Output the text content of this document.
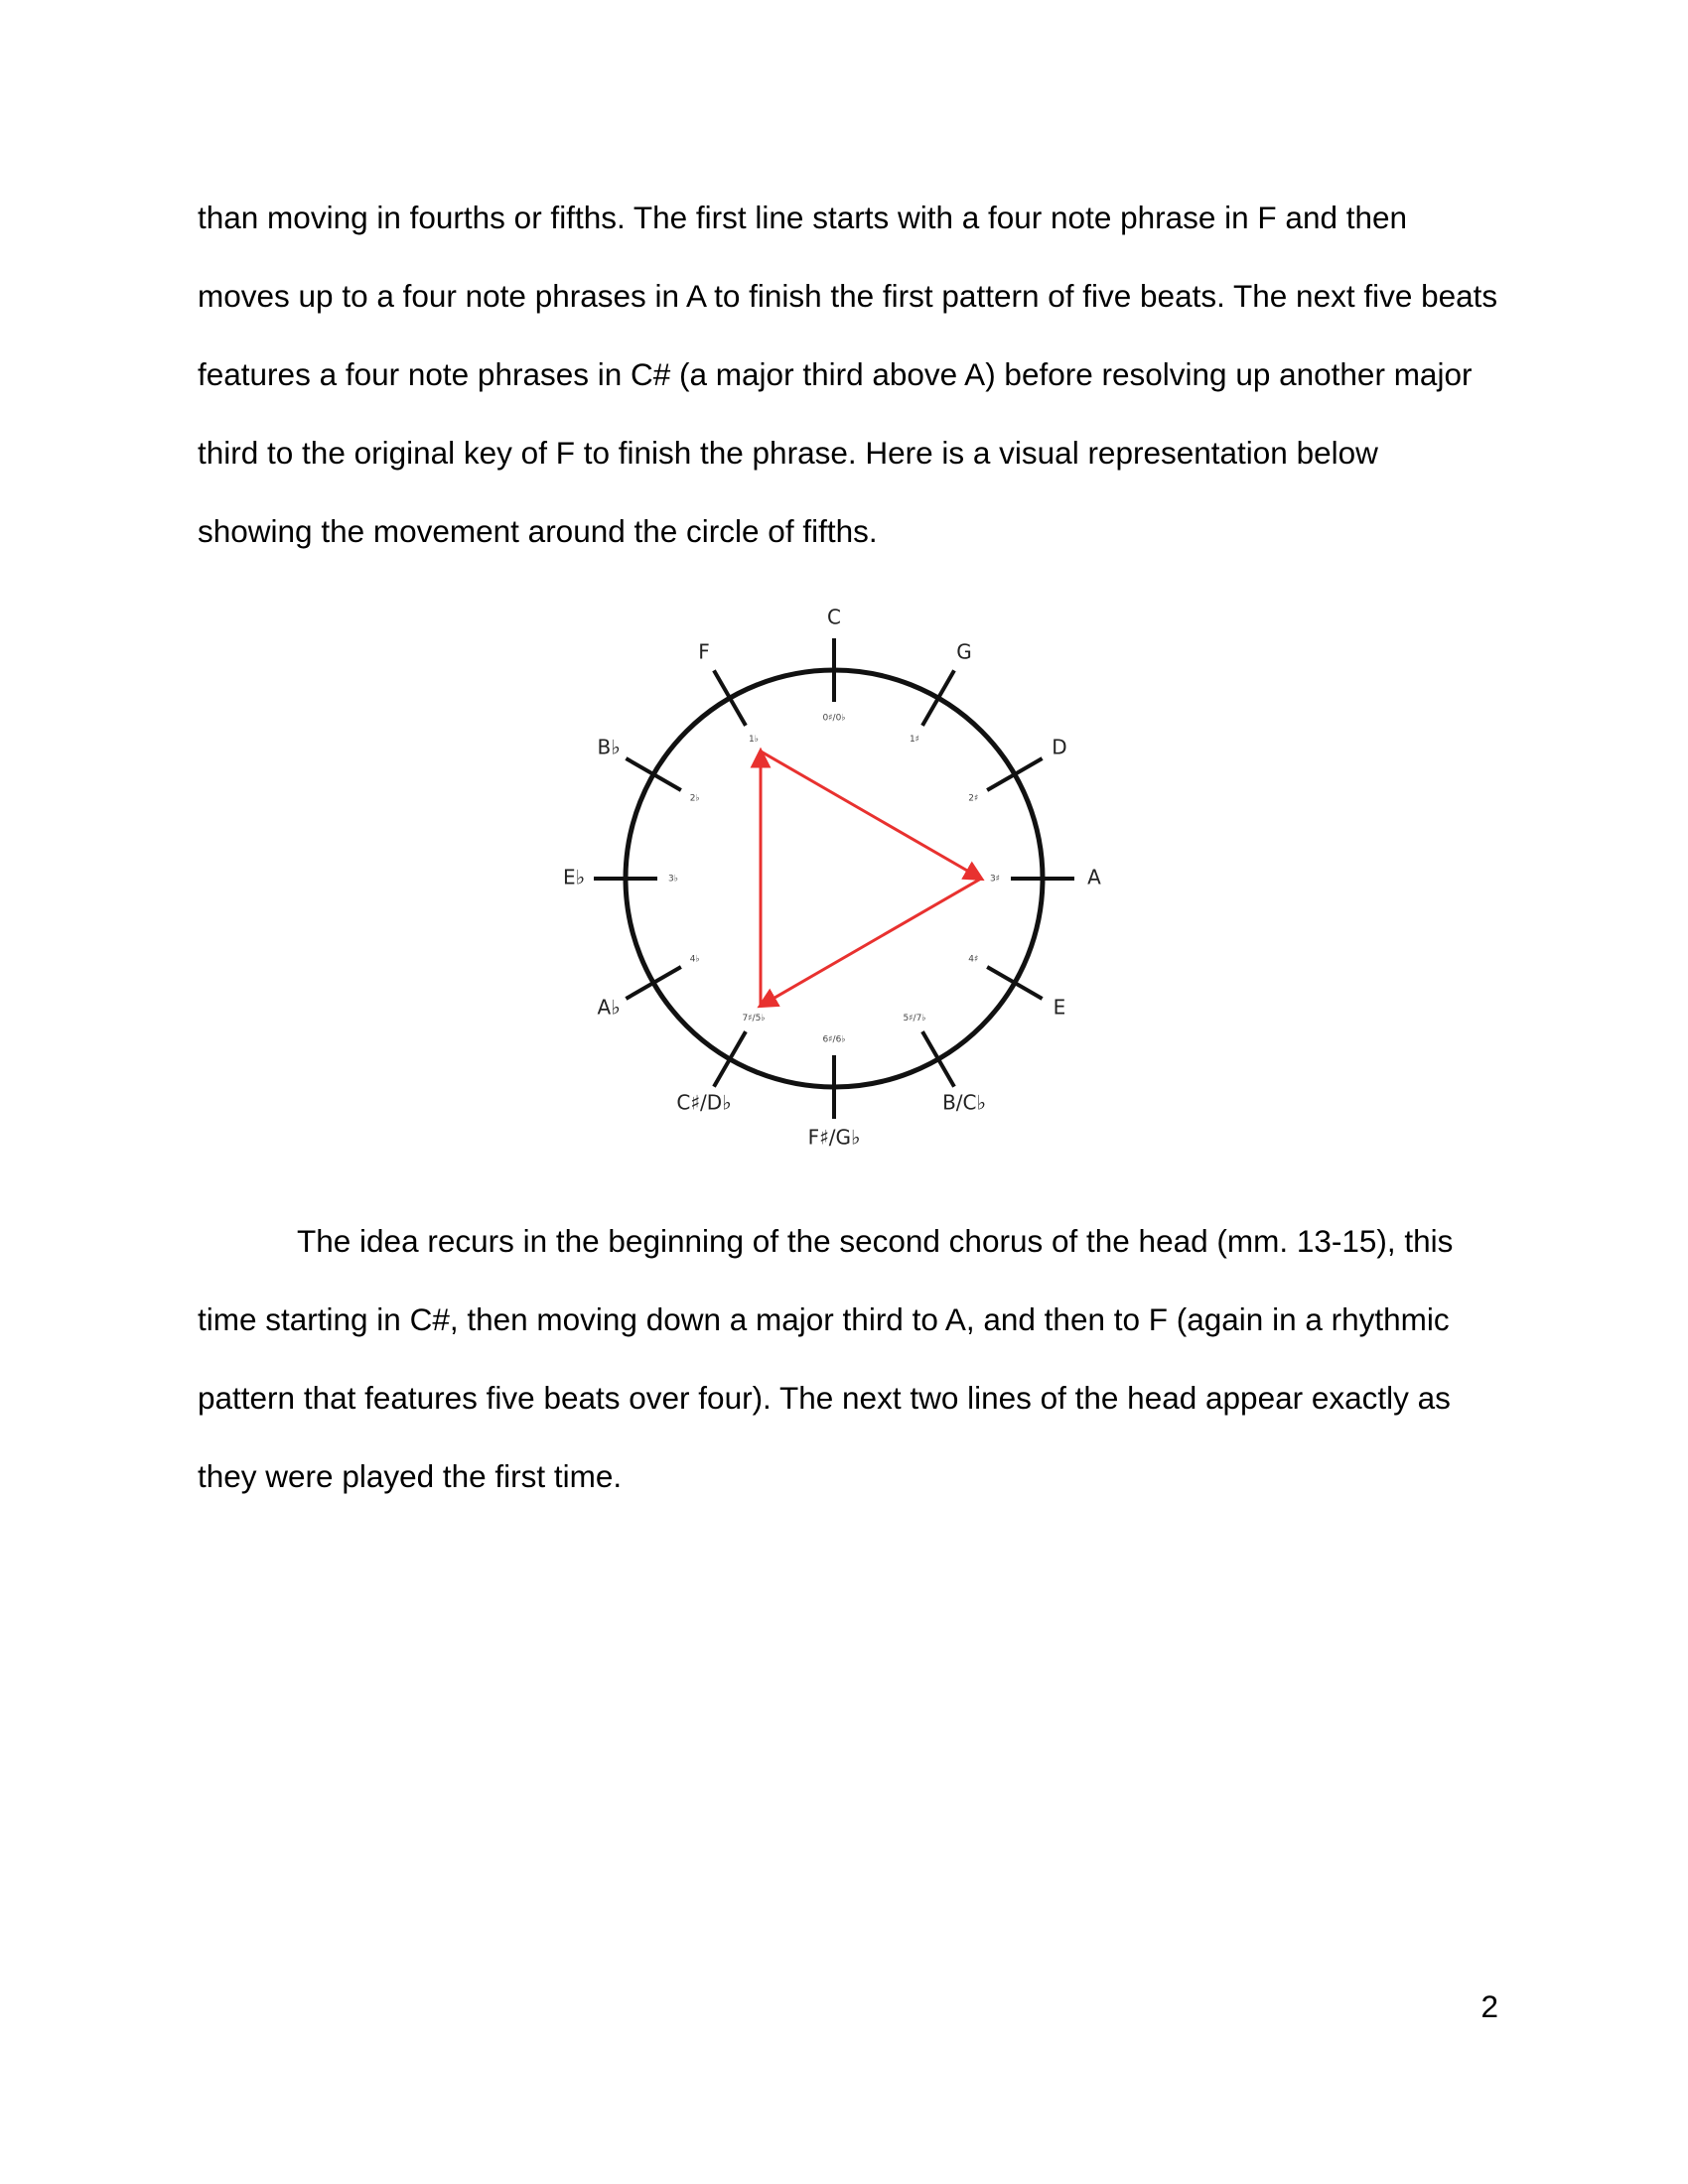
than moving in fourths or fifths. The first line starts with a four note phrase in F and then moves up to a four note phrases in A to finish the first pattern of five beats. The next five beats features a four note phrases in C# (a major third above A) before resolving up another major third to the original key of F to finish the phrase. Here is a visual representation below showing the movement around the circle of fifths.

C
0♯/0♭
G
1♯	D
2♯
A
3♯
E
4♯
B/C♭
5♯/7♭
F♯/G♭
6♯/6♭
C♯/D♭
7♯/5♭
A♭
4♭
E♭	3♭
B♭
2♭
F
1♭

The idea recurs in the beginning of the second chorus of the head (mm. 13-15), this time starting in C#, then moving down a major third to A, and then to F (again in a rhythmic pattern that features five beats over four). The next two lines of the head appear exactly as they were played the first time.

2
